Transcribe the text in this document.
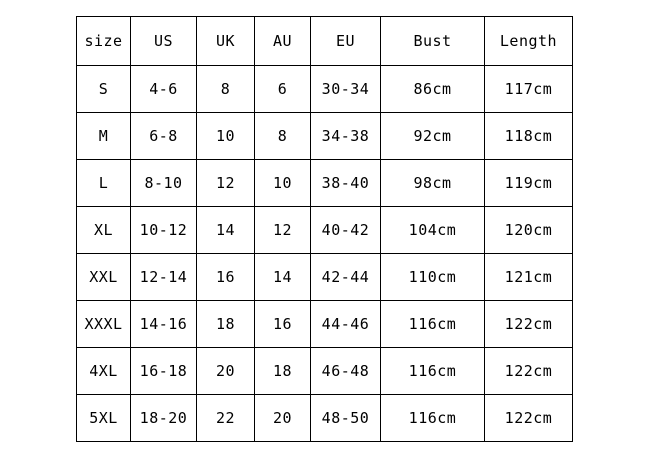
size	US	UK	AU	EU	Bust	Length
S	4-6	8	6	30-34	86cm	117cm
M	6-8	10	8	34-38	92cm	118cm
L	8-10	12	10	38-40	98cm	119cm
XL	10-12	14	12	40-42	104cm	120cm
XXL	12-14	16	14	42-44	110cm	121cm
XXXL	14-16	18	16	44-46	116cm	122cm
4XL	16-18	20	18	46-48	116cm	122cm
5XL	18-20	22	20	48-50	116cm	122cm
